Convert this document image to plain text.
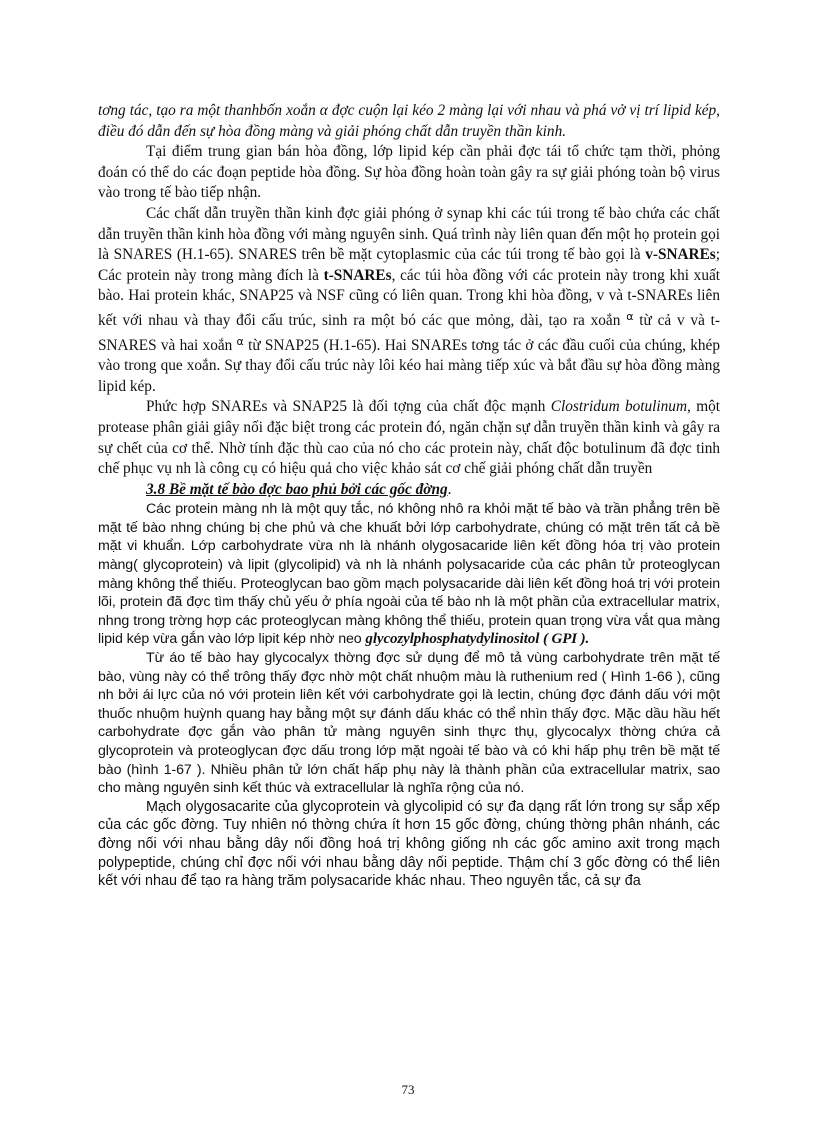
tơng tác, tạo ra một thanhbốn xoắn α đợc cuộn lại kéo 2 màng lại với nhau và phá vở vị trí lipid kép, điều đó dẫn đến sự hòa đồng màng và giải phóng chất dẫn truyền thần kinh.

Tại điểm trung gian bán hòa đồng, lớp lipid kép cần phải đợc tái tổ chức tạm thời, phỏng đoán có thể do các đoạn peptide hòa đồng. Sự hòa đồng hoàn toàn gây ra sự giải phóng toàn bộ virus vào trong tế bào tiếp nhận.

Các chất dẫn truyền thần kinh đợc giải phóng ở synap khi các túi trong tế bào chứa các chất dẫn truyền thần kinh hòa đồng với màng nguyên sinh. Quá trình này liên quan đến một họ protein gọi là SNARES (H.1-65). SNARES trên bề mặt cytoplasmic của các túi trong tế bào gọi là v-SNAREs; Các protein này trong màng đích là t-SNAREs, các túi hòa đồng với các protein này trong khi xuất bào. Hai protein khác, SNAP25 và NSF cũng có liên quan. Trong khi hòa đồng, v và t-SNAREs liên kết với nhau và thay đổi cấu trúc, sinh ra một bó các que mỏng, dài, tạo ra xoắn $^\alpha$ từ cả v và t-SNARES và hai xoắn $^\alpha$ từ SNAP25 (H.1-65). Hai SNAREs tơng tác ở các đầu cuối của chúng, khép vào trong que xoắn. Sự thay đổi cấu trúc này lôi kéo hai màng tiếp xúc và bắt đầu sự hòa đồng màng lipid kép.

Phức hợp SNAREs và SNAP25 là đối tợng của chất độc mạnh Clostridum botulinum, một protease phân giải giây nối đặc biệt trong các protein đó, ngăn chặn sự dẫn truyền thần kinh và gây ra sự chết của cơ thể. Nhờ tính đặc thù cao của nó cho các protein này, chất độc botulinum đã đợc tinh chế phục vụ nh là công cụ có hiệu quả cho việc khảo sát cơ chế giải phóng chất dẫn truyền

3.8 Bề mặt tế bào đợc bao phủ bởi các gốc đờng.

Các protein màng nh là một quy tắc, nó không nhô ra khỏi mặt tế bào và trần phẳng trên bề mặt tế bào nhng chúng bị che phủ và che khuất bởi lớp carbohydrate, chúng có mặt trên tất cả bề mặt vi khuẩn. Lớp carbohydrate vừa nh là nhánh olygosacaride liên kết đồng hóa trị vào protein màng( glycoprotein) và lipit (glycolipid) và nh là nhánh polysacaride của các phân tử proteoglycan màng không thể thiếu. Proteoglycan bao gồm mạch polysacaride dài liên kết đồng hoá trị với protein lõi, protein đã đợc tìm thấy chủ yếu ở phía ngoài của tế bào nh là một phần của extracellular matrix, nhng trong trờng hợp các proteoglycan màng không thể thiếu, protein quan trọng vừa vắt qua màng lipid kép vừa gắn vào lớp lipit kép nhờ neo glycozylphosphatydylinositol ( GPI ).

Từ áo tế bào hay glycocalyx thờng đợc sử dụng để mô tả vùng carbohydrate trên mặt tế bào, vùng này có thể trông thấy đợc nhờ một chất nhuộm màu là ruthenium red ( Hình 1-66 ), cũng nh bởi ái lực của nó với protein liên kết với carbohydrate gọi là lectin, chúng đợc đánh dấu với một thuốc nhuộm huỳnh quang hay bằng một sự đánh dấu khác có thể nhìn thấy đợc. Mặc dầu hầu hết carbohydrate đợc gắn vào phân tử màng nguyên sinh thực thụ, glycocalyx thờng chứa cả glycoprotein và proteoglycan đợc dấu trong lớp mặt ngoài tế bào và có khi hấp phụ trên bề mặt tế bào (hình 1-67 ). Nhiều phân tử lớn chất hấp phụ này là thành phần của extracellular matrix, sao cho màng nguyên sinh kết thúc và extracellular là nghĩa rộng của nó.

Mạch olygosacarite của glycoprotein và glycolipid có sự đa dạng rất lớn trong sự sắp xếp của các gốc đờng. Tuy nhiên nó thờng chứa ít hơn 15 gốc đờng, chúng thờng phân nhánh, các đờng nối với nhau bằng dây nối đồng hoá trị không giống nh các gốc amino axit trong mạch polypeptide, chúng chỉ đợc nối với nhau bằng dây nối peptide. Thậm chí 3 gốc đờng có thể liên kết với nhau để tạo ra hàng trăm polysacaride khác nhau. Theo nguyên tắc, cả sự đa

73
